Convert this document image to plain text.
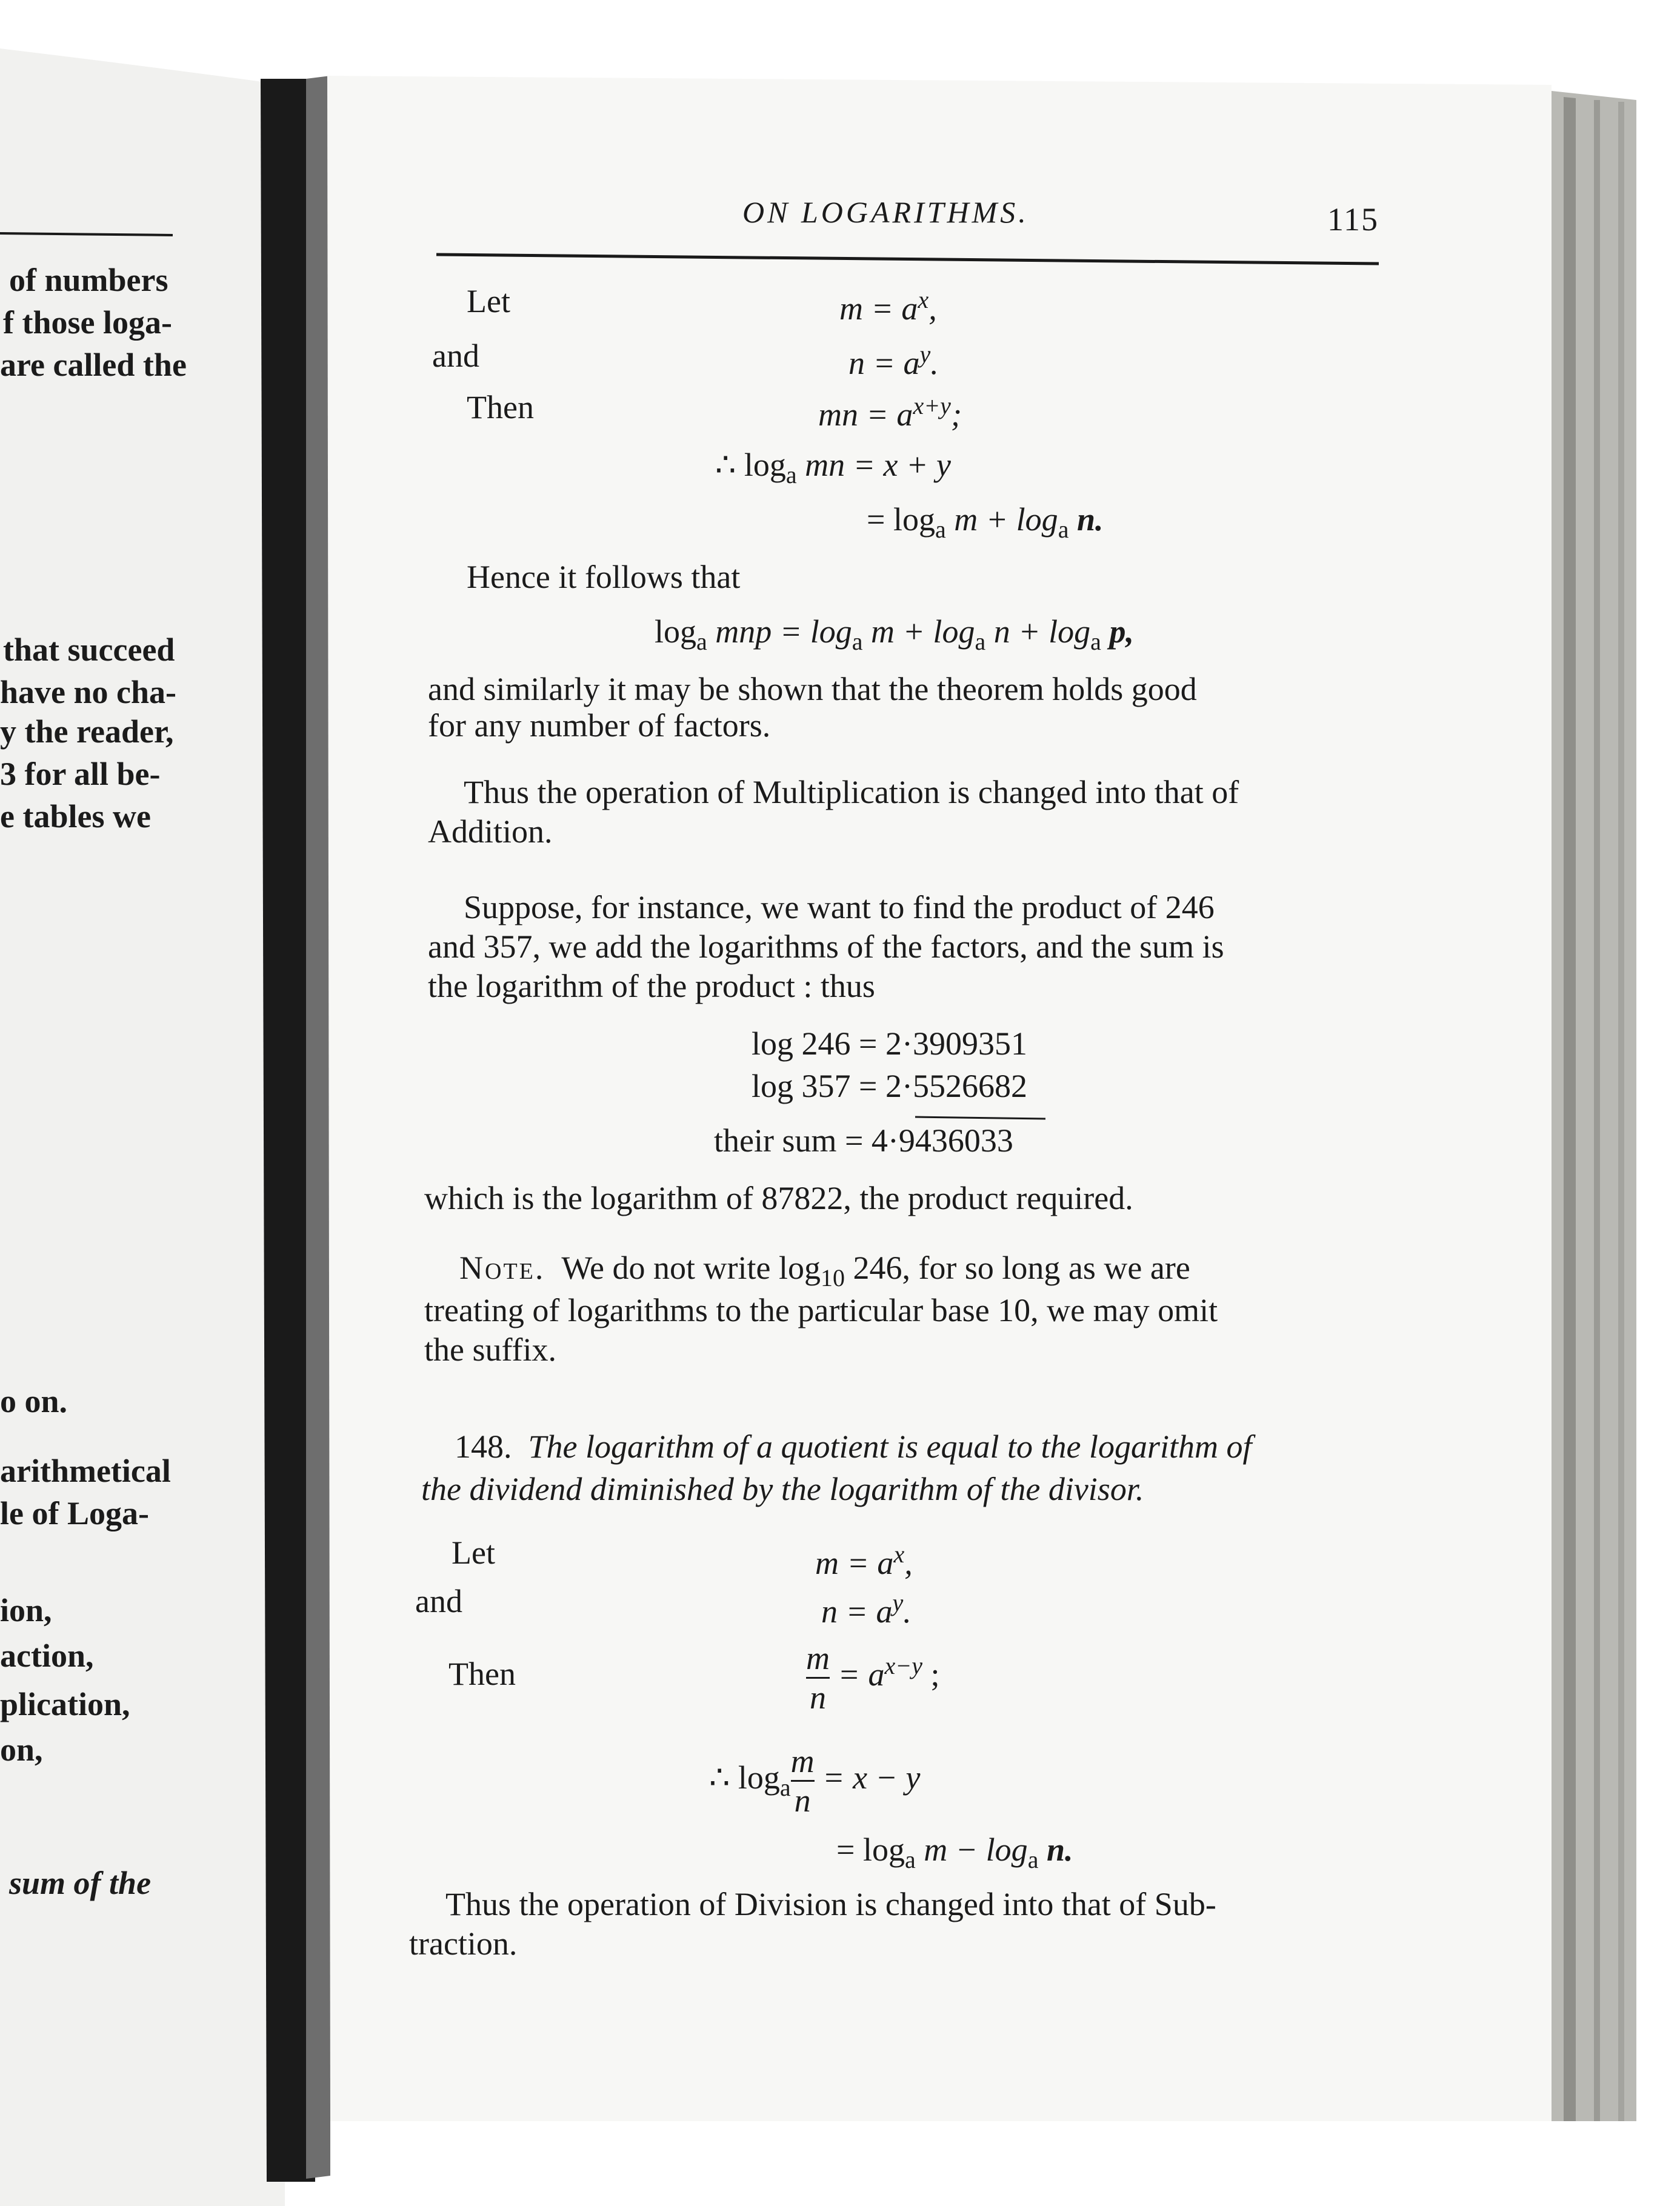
of numbers

f those loga-

are called the

that succeed

have no cha-

y the reader,

3 for all be-

e tables we

o on.

arithmetical

le of Loga-

ion,

action,

plication,

on,

sum of the

ON LOGARITHMS.	115

Let	$m = a^x$,

and	$n = a^y$.

Then	mn = $a^{x+y}$;

∴ $\log_a$ mn = x + y

= $\log_a m + \log_a n$.

Hence it follows that

$\log_a$ mnp = $\log_a m + \log_a n + \log_a p$,

and similarly it may be shown that the theorem holds good

for any number of factors.

Thus the operation of Multiplication is changed into that of

Addition.

Suppose, for instance, we want to find the product of 246

and 357, we add the logarithms of the factors, and the sum is

the logarithm of the product : thus

log 246 = 2·3909351

log 357 = 2·5526682

their sum = 4·9436033

which is the logarithm of 87822, the product required.

Note. We do not write $\log_{10} 246$, for so long as we are

treating of logarithms to the particular base 10, we may omit

the suffix.

148. The logarithm of a quotient is equal to the logarithm of

the dividend diminished by the logarithm of the divisor.

Let	$m = a^x$,

and	$n = a^y$.

Then	$\frac{m}{n} = a^{x-y}$ ;
∴ $\log_a \frac{m}{n} = x - y$

= $\log_a m - \log_a n$.

Thus the operation of Division is changed into that of Sub-

traction.
